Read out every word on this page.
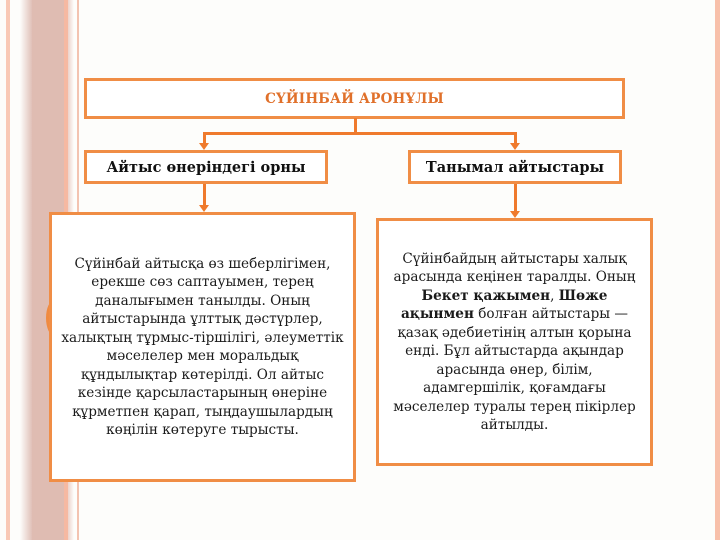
СҮЙІНБАЙ АРОНҰЛЫ
Айтыс өнеріндегі орны	Танымал айтыстары
Сүйінбай айтысқа өз шеберлігімен, ерекше сөз саптауымен, терең даналығымен танылды. Оның айтыстарында ұлттық дәстүрлер, халықтың тұрмыс-тіршілігі, әлеуметтік мәселелер мен моральдық құндылықтар көтерілді. Ол айтыс кезінде қарсыластарының өнеріне құрметпен қарап, тыңдаушылардың көңілін көтеруге тырысты.
Сүйінбайдың айтыстары халық арасында кеңінен таралды. Оның Бекет қажымен, Шөже ақынмен болған айтыстары — қазақ әдебиетінің алтын қорына енді. Бұл айтыстарда ақындар арасында өнер, білім, адамгершілік, қоғамдағы мәселелер туралы терең пікірлер айтылды.
